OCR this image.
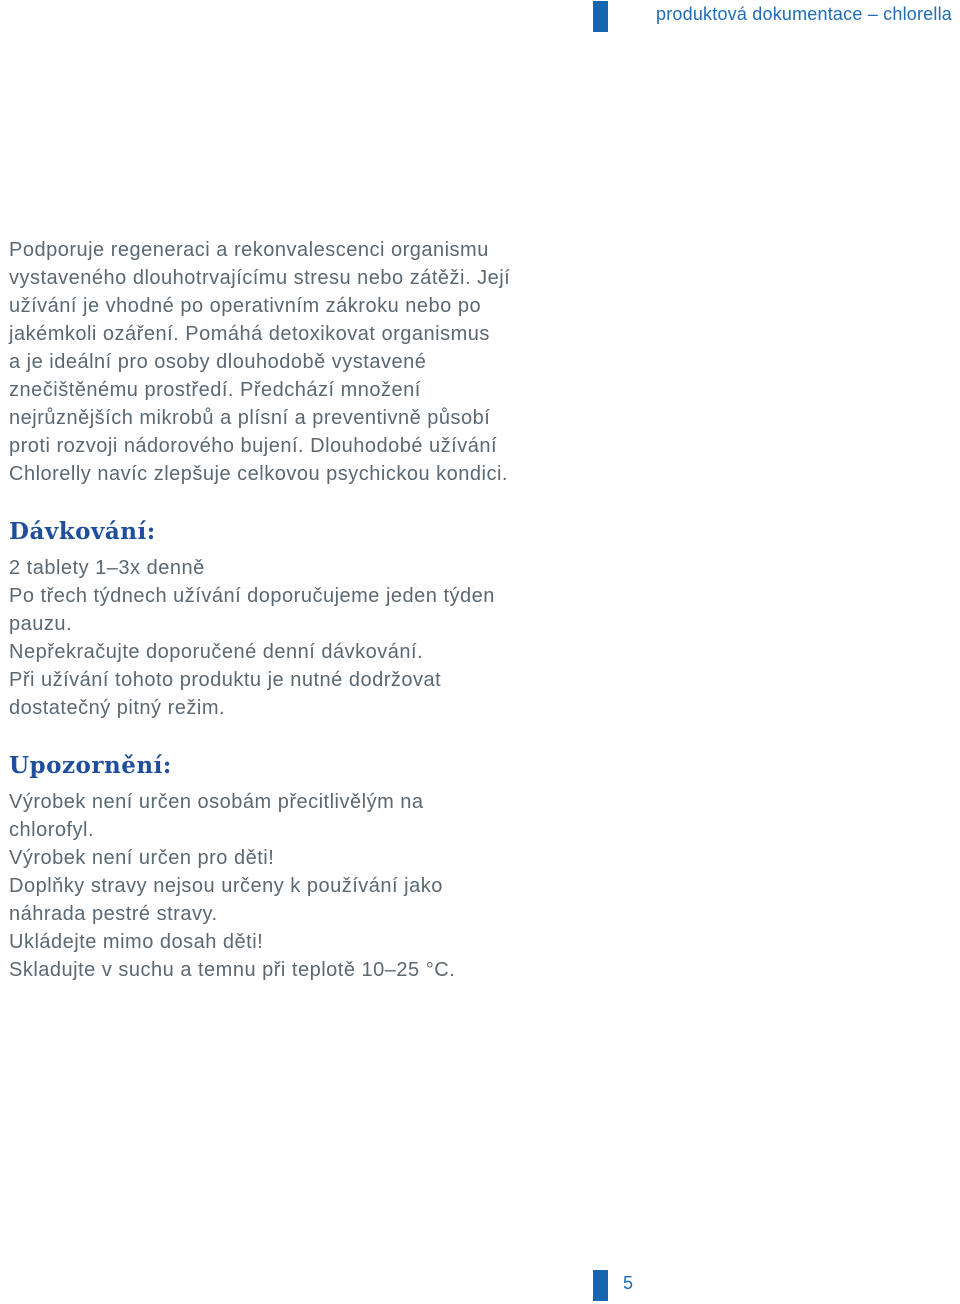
produktová dokumentace – chlorella

Podporuje regeneraci a rekonvalescenci organismu
vystaveného dlouhotrvajícímu stresu nebo zátěži. Její
užívání je vhodné po operativním zákroku nebo po
jakémkoli ozáření. Pomáhá detoxikovat organismus
a je ideální pro osoby dlouhodobě vystavené
znečištěnému prostředí. Předchází množení
nejrůznějších mikrobů a plísní a preventivně působí
proti rozvoji nádorového bujení. Dlouhodobé užívání
Chlorelly navíc zlepšuje celkovou psychickou kondici.

Dávkování:

2 tablety 1–3x denně
Po třech týdnech užívání doporučujeme jeden týden
pauzu.
Nepřekračujte doporučené denní dávkování.
Při užívání tohoto produktu je nutné dodržovat
dostatečný pitný režim.

Upozornění:

Výrobek není určen osobám přecitlivělým na
chlorofyl.
Výrobek není určen pro děti!
Doplňky stravy nejsou určeny k používání jako
náhrada pestré stravy.
Ukládejte mimo dosah děti!
Skladujte v suchu a temnu při teplotě 10–25 °C.

5
